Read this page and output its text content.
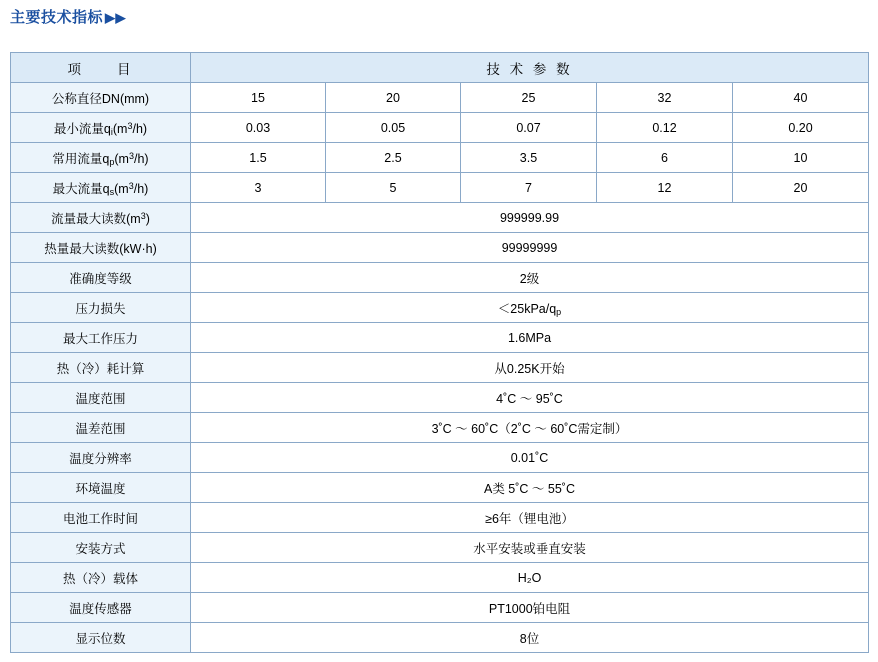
主要技术指标 ▶▶
项　　目	技 术 参 数				
公称直径DN(mm)	15	20	25	32	40
最小流量$q_i(m^3/h)$	0.03	0.05	0.07	0.12	0.20
常用流量$q_p(m^3/h)$	1.5	2.5	3.5	6	10
最大流量$q_s(m^3/h)$	3	5	7	12	20
流量最大读数$(m^3)$	999999.99				
热量最大读数(kW·h)	99999999				
准确度等级	2级				
压力损失	$<25kPa/q_p$
最大工作压力	1.6MPa				
热（冷）耗计算	从0.25K开始				
温度范围	4˚C ～ 95˚C				
温差范围	3˚C ～ 60˚C（2˚C ～ 60˚C需定制）				
温度分辨率	0.01˚C				
环境温度	A类 5˚C ～ 55˚C				
电池工作时间	≥6年（锂电池）				
安装方式	水平安装或垂直安装				
热（冷）载体	H₂O				
温度传感器	PT1000铂电阻				
显示位数	8位				
